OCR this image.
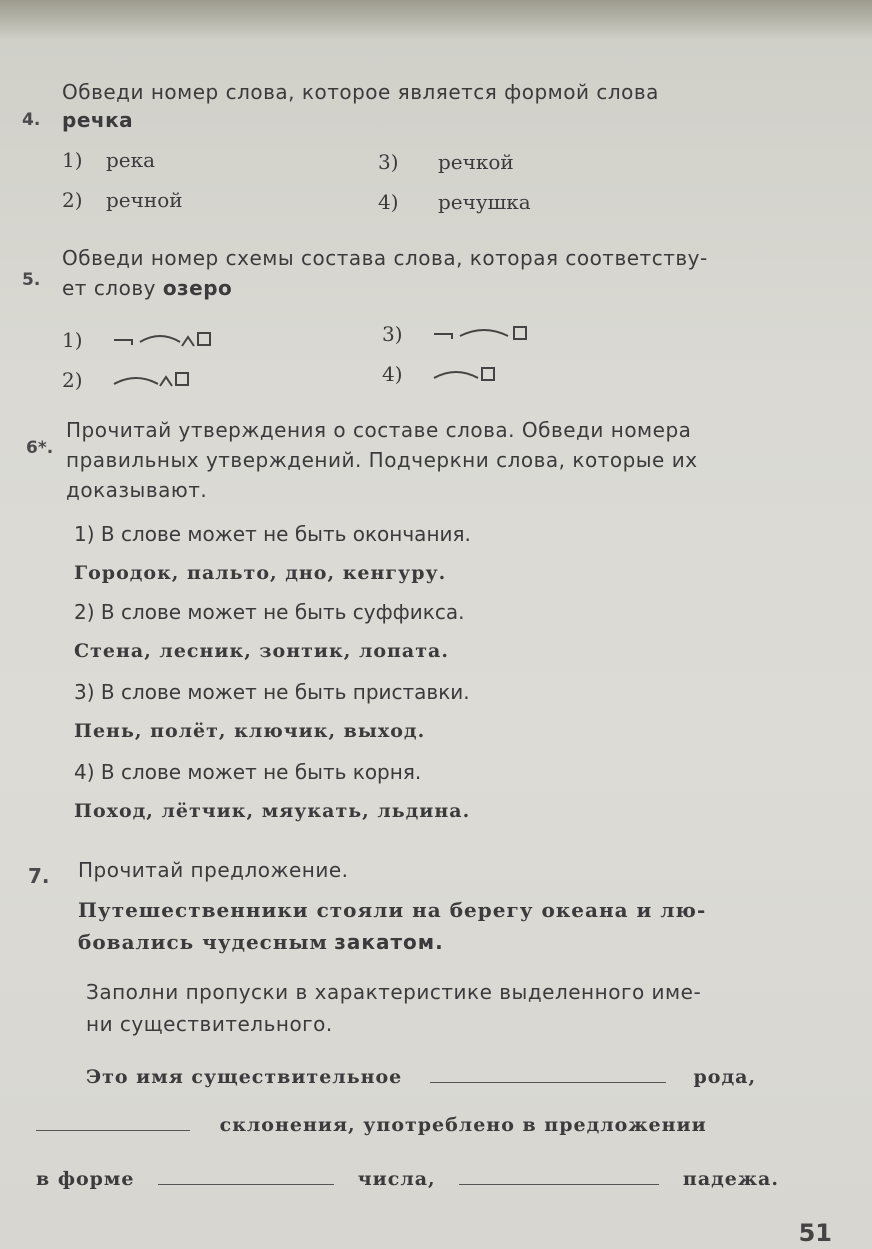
4.
Обведи номер слова, которое является формой слова
речка
1) река
2) речной
3) речкой
4) речушка
5.
Обведи номер схемы состава слова, которая соответству-
ет слову озеро
1)
2)
3)
4)
6*.
Прочитай утверждения о составе слова. Обведи номера
правильных утверждений. Подчеркни слова, которые их
доказывают.
1) В слове может не быть окончания.
Городок, пальто, дно, кенгуру.
2) В слове может не быть суффикса.
Стена, лесник, зонтик, лопата.
3) В слове может не быть приставки.
Пень, полёт, ключик, выход.
4) В слове может не быть корня.
Поход, лётчик, мяукать, льдина.
7. Прочитай предложение.
Путешественники стояли на берегу океана и лю-
бовались чудесным закатом.
Заполни пропуски в характеристике выделенного име-
ни существительного.
Это имя существительное	рода,
склонения, употреблено в предложении
в форме	числа,	падежа.
51
